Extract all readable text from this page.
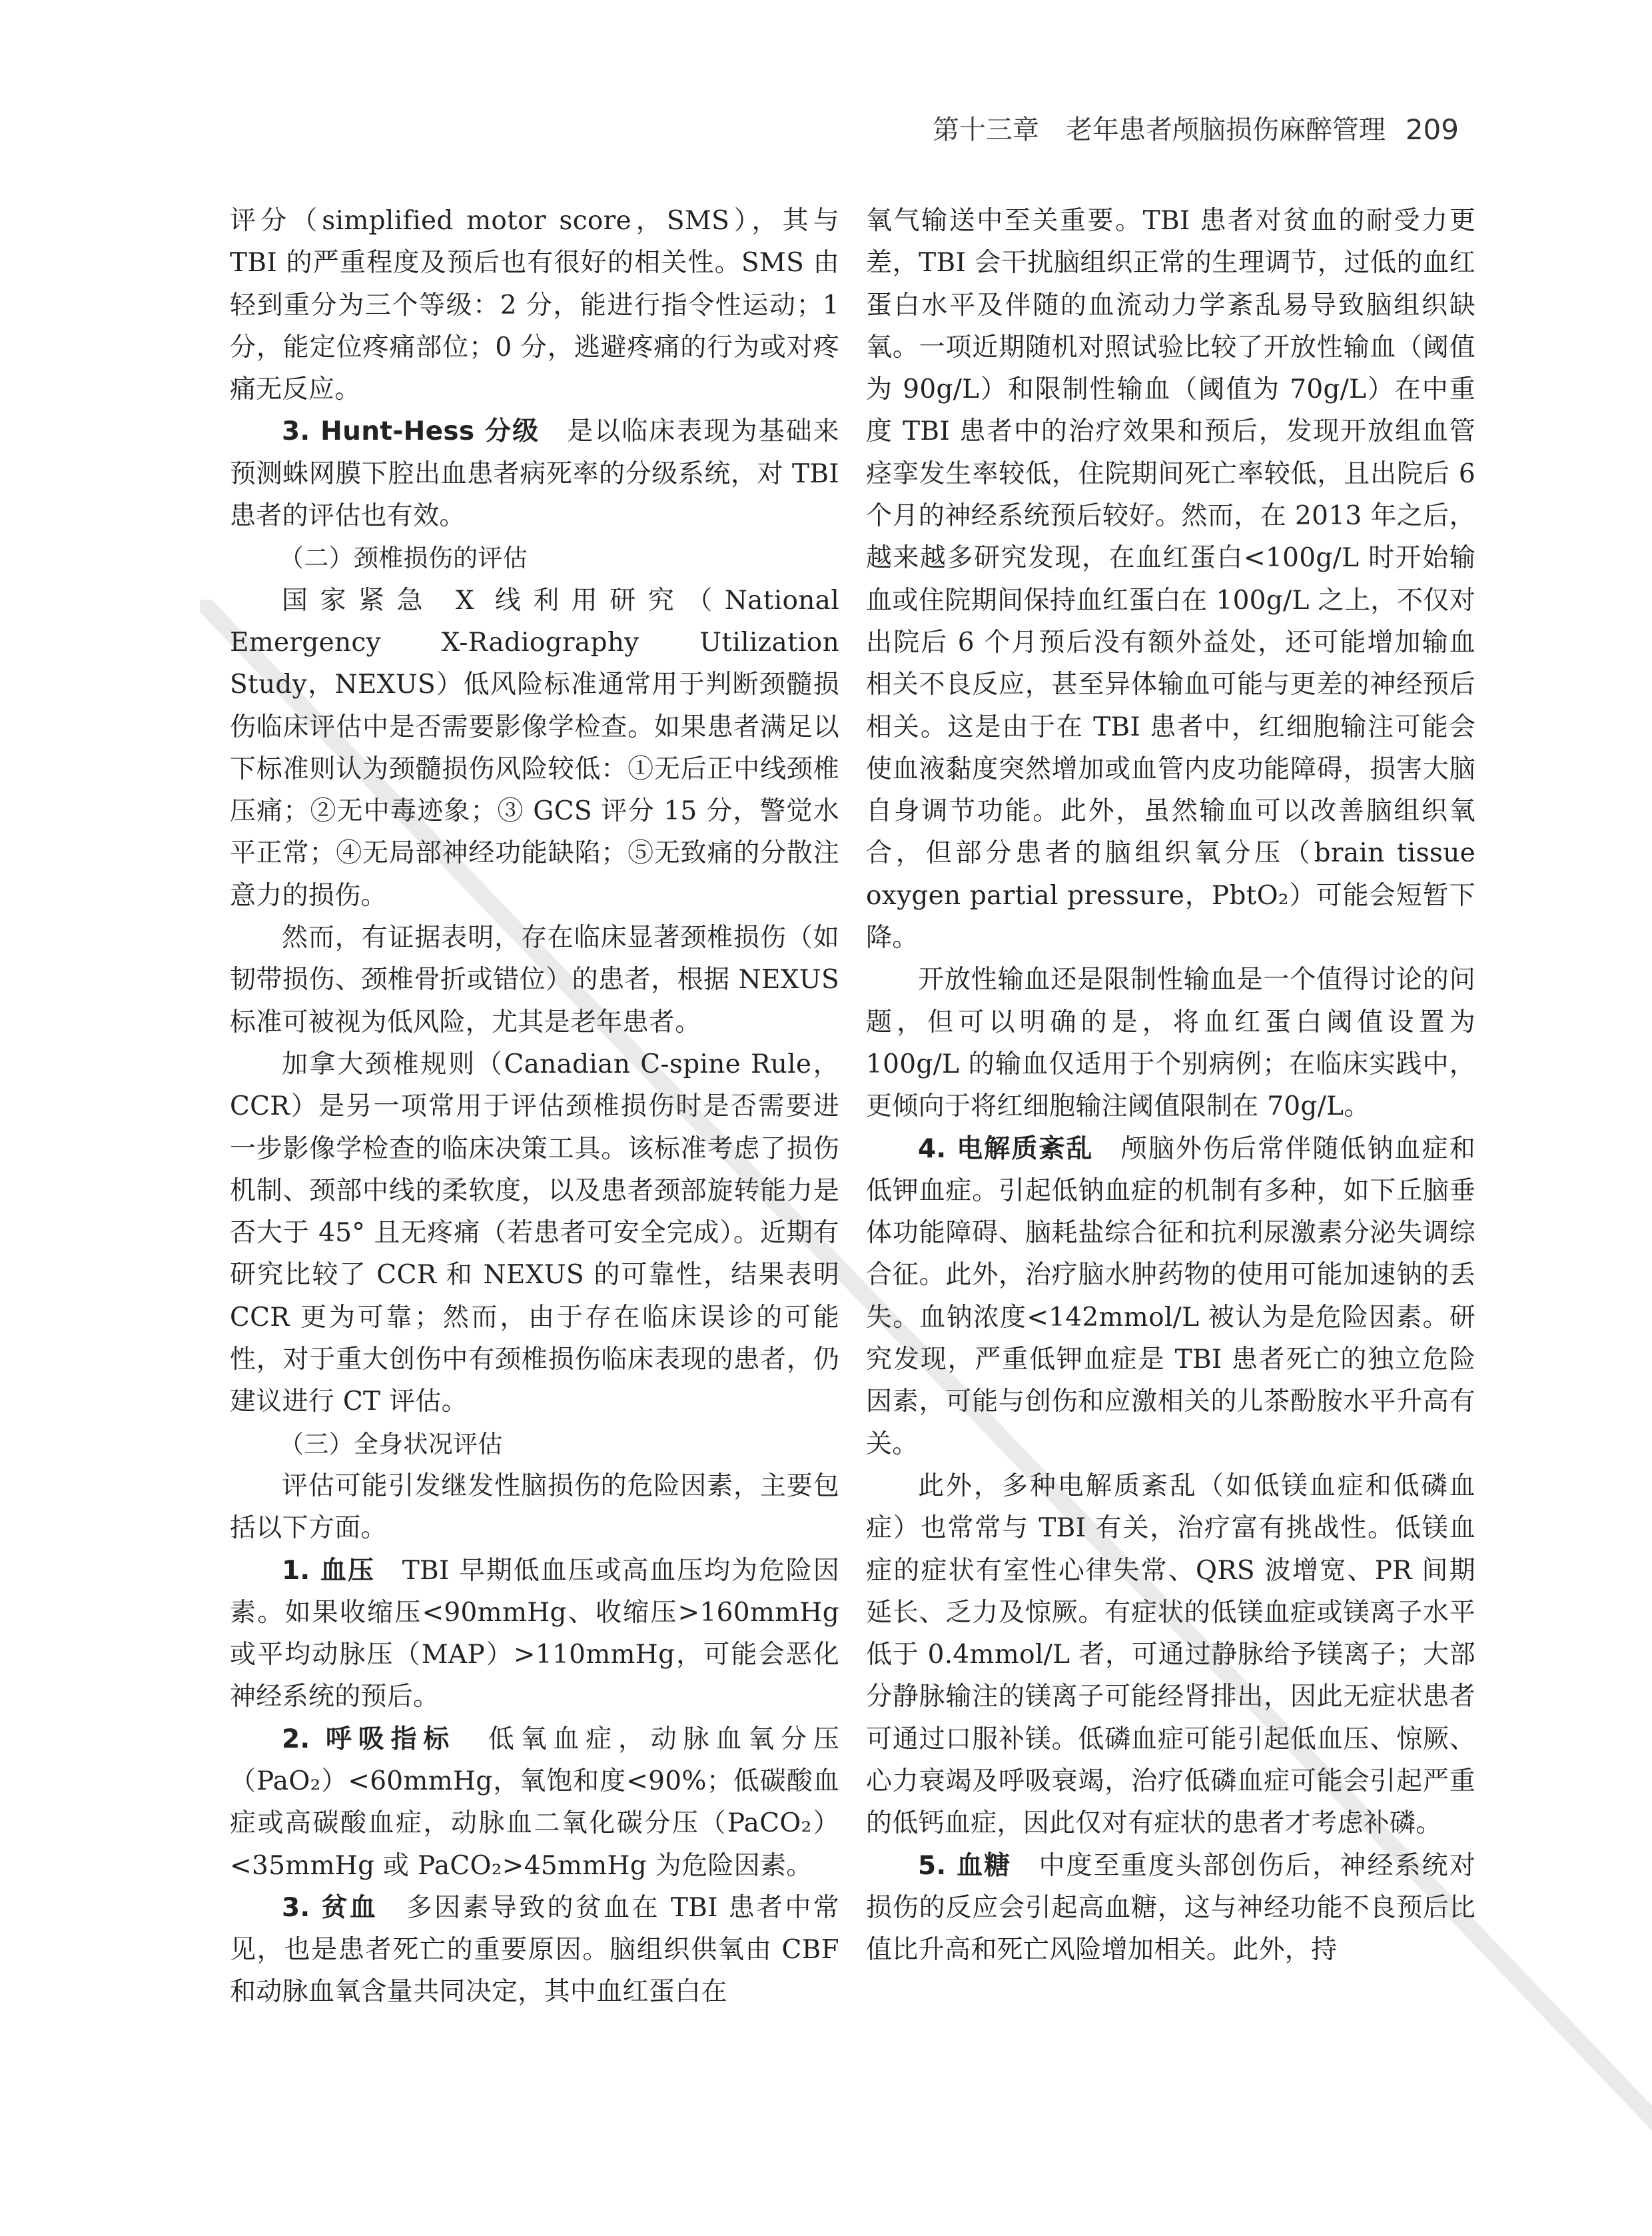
第十三章　老年患者颅脑损伤麻醉管理 209

评分（simplified motor score，SMS），其与 TBI 的严重程度及预后也有很好的相关性。SMS 由轻到重分为三个等级：2 分，能进行指令性运动；1 分，能定位疼痛部位；0 分，逃避疼痛的行为或对疼痛无反应。

3. Hunt-Hess 分级　是以临床表现为基础来预测蛛网膜下腔出血患者病死率的分级系统，对 TBI 患者的评估也有效。

（二）颈椎损伤的评估

国家紧急 X 线利用研究（National Emergency X-Radiography Utilization Study，NEXUS）低风险标准通常用于判断颈髓损伤临床评估中是否需要影像学检查。如果患者满足以下标准则认为颈髓损伤风险较低：①无后正中线颈椎压痛；②无中毒迹象；③ GCS 评分 15 分，警觉水平正常；④无局部神经功能缺陷；⑤无致痛的分散注意力的损伤。

然而，有证据表明，存在临床显著颈椎损伤（如韧带损伤、颈椎骨折或错位）的患者，根据 NEXUS 标准可被视为低风险，尤其是老年患者。

加拿大颈椎规则（Canadian C-spine Rule，CCR）是另一项常用于评估颈椎损伤时是否需要进一步影像学检查的临床决策工具。该标准考虑了损伤机制、颈部中线的柔软度，以及患者颈部旋转能力是否大于 45° 且无疼痛（若患者可安全完成）。近期有研究比较了 CCR 和 NEXUS 的可靠性，结果表明 CCR 更为可靠；然而，由于存在临床误诊的可能性，对于重大创伤中有颈椎损伤临床表现的患者，仍建议进行 CT 评估。

（三）全身状况评估

评估可能引发继发性脑损伤的危险因素，主要包括以下方面。

1. 血压　TBI 早期低血压或高血压均为危险因素。如果收缩压<90mmHg、收缩压>160mmHg 或平均动脉压（MAP）>110mmHg，可能会恶化神经系统的预后。

2. 呼吸指标　低氧血症，动脉血氧分压（PaO₂）<60mmHg，氧饱和度<90%；低碳酸血症或高碳酸血症，动脉血二氧化碳分压（PaCO₂）<35mmHg 或 PaCO₂>45mmHg 为危险因素。

3. 贫血　多因素导致的贫血在 TBI 患者中常见，也是患者死亡的重要原因。脑组织供氧由 CBF 和动脉血氧含量共同决定，其中血红蛋白在

氧气输送中至关重要。TBI 患者对贫血的耐受力更差，TBI 会干扰脑组织正常的生理调节，过低的血红蛋白水平及伴随的血流动力学紊乱易导致脑组织缺氧。一项近期随机对照试验比较了开放性输血（阈值为 90g/L）和限制性输血（阈值为 70g/L）在中重度 TBI 患者中的治疗效果和预后，发现开放组血管痉挛发生率较低，住院期间死亡率较低，且出院后 6 个月的神经系统预后较好。然而，在 2013 年之后，越来越多研究发现，在血红蛋白<100g/L 时开始输血或住院期间保持血红蛋白在 100g/L 之上，不仅对出院后 6 个月预后没有额外益处，还可能增加输血相关不良反应，甚至异体输血可能与更差的神经预后相关。这是由于在 TBI 患者中，红细胞输注可能会使血液黏度突然增加或血管内皮功能障碍，损害大脑自身调节功能。此外，虽然输血可以改善脑组织氧合，但部分患者的脑组织氧分压（brain tissue oxygen partial pressure，PbtO₂）可能会短暂下降。

开放性输血还是限制性输血是一个值得讨论的问题，但可以明确的是，将血红蛋白阈值设置为 100g/L 的输血仅适用于个别病例；在临床实践中，更倾向于将红细胞输注阈值限制在 70g/L。

4. 电解质紊乱　颅脑外伤后常伴随低钠血症和低钾血症。引起低钠血症的机制有多种，如下丘脑垂体功能障碍、脑耗盐综合征和抗利尿激素分泌失调综合征。此外，治疗脑水肿药物的使用可能加速钠的丢失。血钠浓度<142mmol/L 被认为是危险因素。研究发现，严重低钾血症是 TBI 患者死亡的独立危险因素，可能与创伤和应激相关的儿茶酚胺水平升高有关。

此外，多种电解质紊乱（如低镁血症和低磷血症）也常常与 TBI 有关，治疗富有挑战性。低镁血症的症状有室性心律失常、QRS 波增宽、PR 间期延长、乏力及惊厥。有症状的低镁血症或镁离子水平低于 0.4mmol/L 者，可通过静脉给予镁离子；大部分静脉输注的镁离子可能经肾排出，因此无症状患者可通过口服补镁。低磷血症可能引起低血压、惊厥、心力衰竭及呼吸衰竭，治疗低磷血症可能会引起严重的低钙血症，因此仅对有症状的患者才考虑补磷。

5. 血糖　中度至重度头部创伤后，神经系统对损伤的反应会引起高血糖，这与神经功能不良预后比值比升高和死亡风险增加相关。此外，持
